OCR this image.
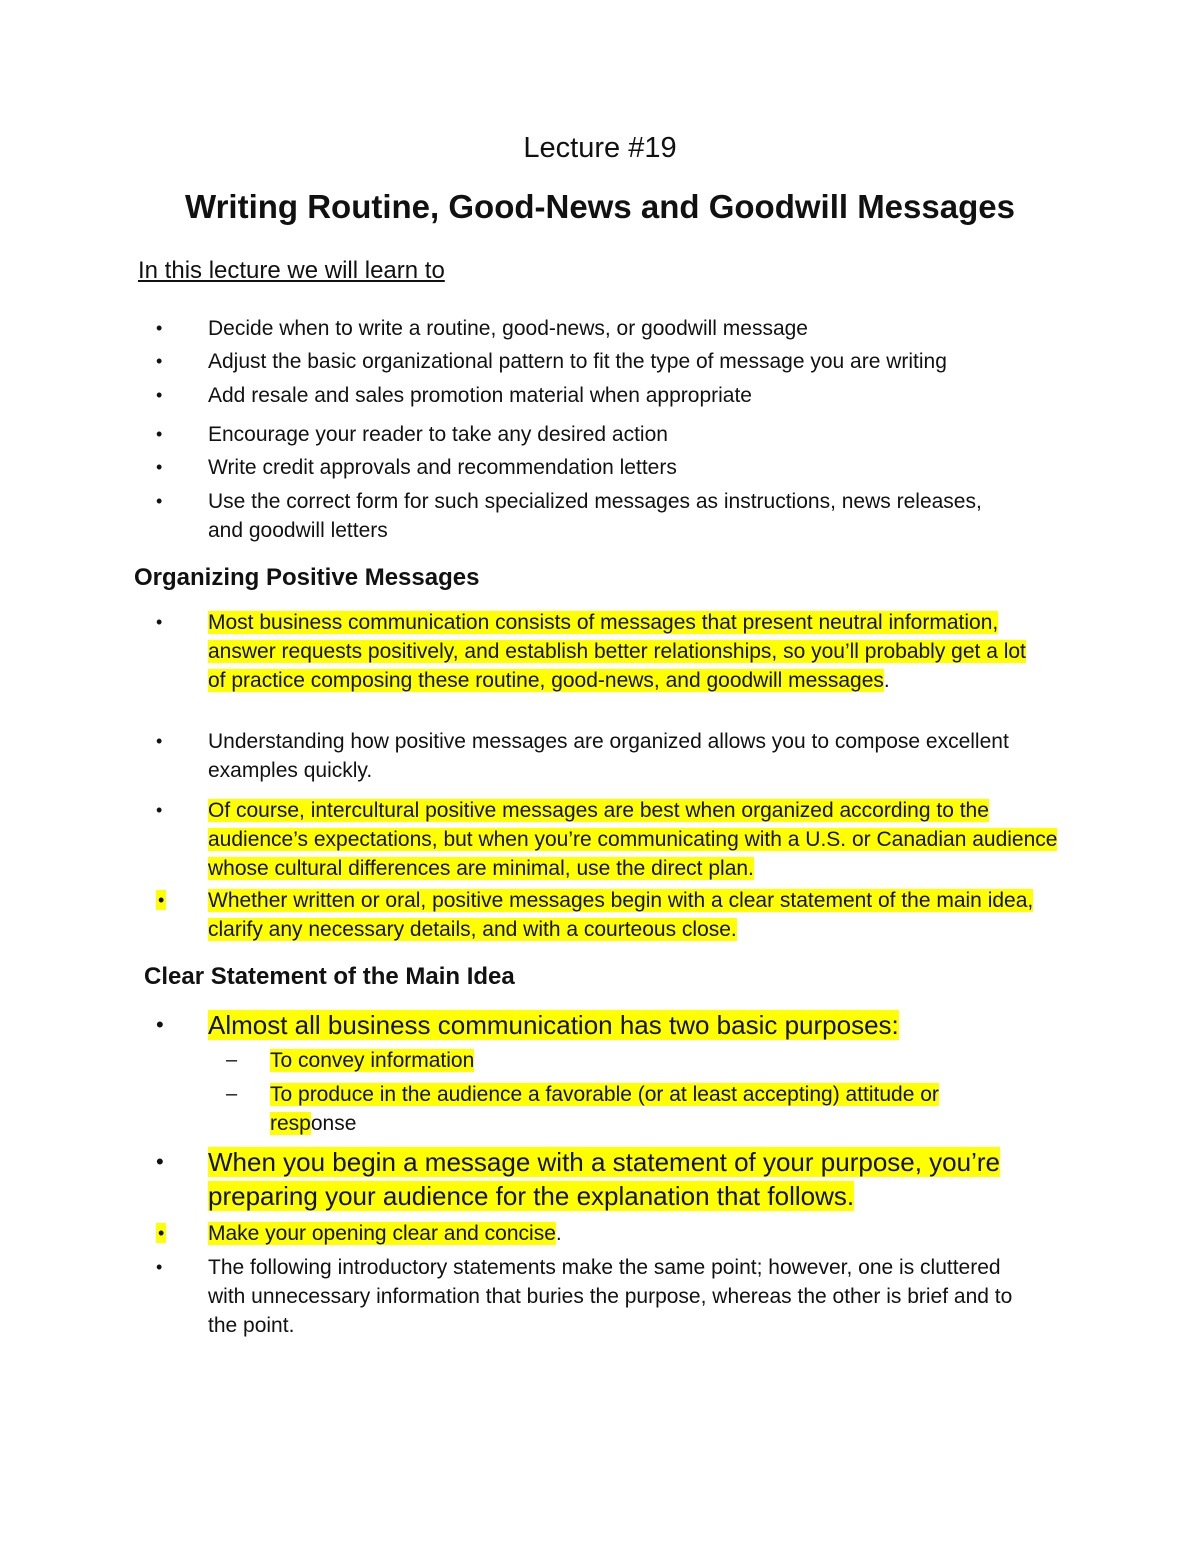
Lecture #19
Writing Routine, Good-News and Goodwill Messages
In this lecture we will learn to
• Decide when to write a routine, good-news, or goodwill message
• Adjust the basic organizational pattern to fit the type of message you are writing
• Add resale and sales promotion material when appropriate
• Encourage your reader to take any desired action
• Write credit approvals and recommendation letters
• Use the correct form for such specialized messages as instructions, news releases, and goodwill letters
Organizing Positive Messages
• Most business communication consists of messages that present neutral information, answer requests positively, and establish better relationships, so you’ll probably get a lot of practice composing these routine, good-news, and goodwill messages.
• Understanding how positive messages are organized allows you to compose excellent examples quickly.
• Of course, intercultural positive messages are best when organized according to the audience’s expectations, but when you’re communicating with a U.S. or Canadian audience whose cultural differences are minimal, use the direct plan.
• Whether written or oral, positive messages begin with a clear statement of the main idea, clarify any necessary details, and with a courteous close.
Clear Statement of the Main Idea
• Almost all business communication has two basic purposes:
– To convey information
– To produce in the audience a favorable (or at least accepting) attitude or response
• When you begin a message with a statement of your purpose, you’re preparing your audience for the explanation that follows.
• Make your opening clear and concise.
• The following introductory statements make the same point; however, one is cluttered with unnecessary information that buries the purpose, whereas the other is brief and to the point.
